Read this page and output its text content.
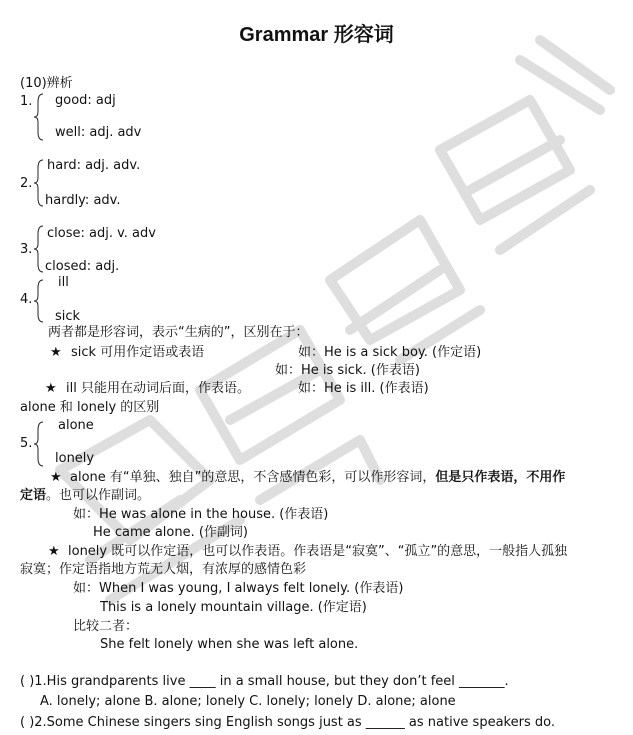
Grammar 形容词
(10)辨析
1. good: adj
well: adj. adv
2.
hard: adj. adv.
hardly: adv.
3.
close: adj. v. adv
closed: adj.
4.
ill
sick
两者都是形容词，表示“生病的”，区别在于：
★ sick 可用作定语或表语	如：He is a sick boy. (作定语)
如：He is sick. (作表语)
★ ill 只能用在动词后面，作表语。	如：He is ill. (作表语)
alone 和 lonely 的区别
5.
alone
lonely
★ alone 有“单独、独自”的意思，不含感情色彩，可以作形容词，但是只作表语，不用作
定语。也可以作副词。
如：He was alone in the house. (作表语)
He came alone. (作副词)
★ lonely 既可以作定语，也可以作表语。作表语是“寂寞”、“孤立”的意思，一般指人孤独
寂寞；作定语指地方荒无人烟，有浓厚的感情色彩
如：When I was young, I always felt lonely. (作表语)
This is a lonely mountain village. (作定语)
比较二者：
She felt lonely when she was left alone.
( )1.His grandparents live ____ in a small house, but they don’t feel _______.
A. lonely; alone B. alone; lonely C. lonely; lonely D. alone; alone
( )2.Some Chinese singers sing English songs just as ______ as native speakers do.
